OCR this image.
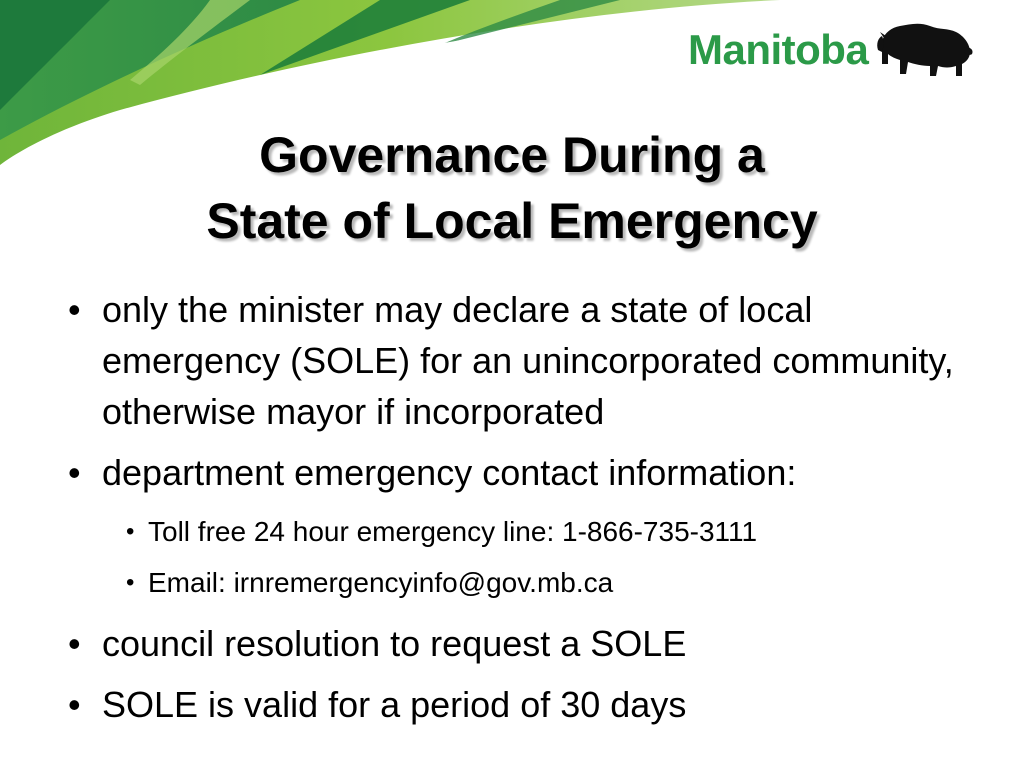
Manitoba
Governance During a
State of Local Emergency
• only the minister may declare a state of local emergency (SOLE) for an unincorporated community, otherwise mayor if incorporated
• department emergency contact information:
• Toll free 24 hour emergency line: 1-866-735-3111
• Email: irnremergencyinfo@gov.mb.ca
• council resolution to request a SOLE
• SOLE is valid for a period of 30 days
